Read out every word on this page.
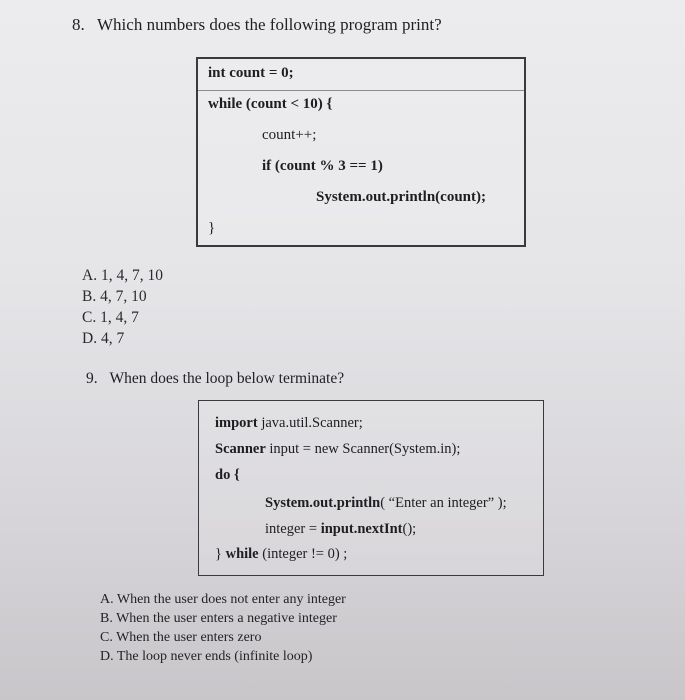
8. Which numbers does the following program print?
int count = 0;
while (count < 10) {
count++;
if (count % 3 == 1)
System.out.println(count);
}
A. 1, 4, 7, 10
B. 4, 7, 10
C. 1, 4, 7
D. 4, 7
9. When does the loop below terminate?
import java.util.Scanner;
Scanner input = new Scanner(System.in);
do {
System.out.println( “Enter an integer” );
integer = input.nextInt();
} while (integer != 0) ;
A. When the user does not enter any integer
B. When the user enters a negative integer
C. When the user enters zero
D. The loop never ends (infinite loop)
